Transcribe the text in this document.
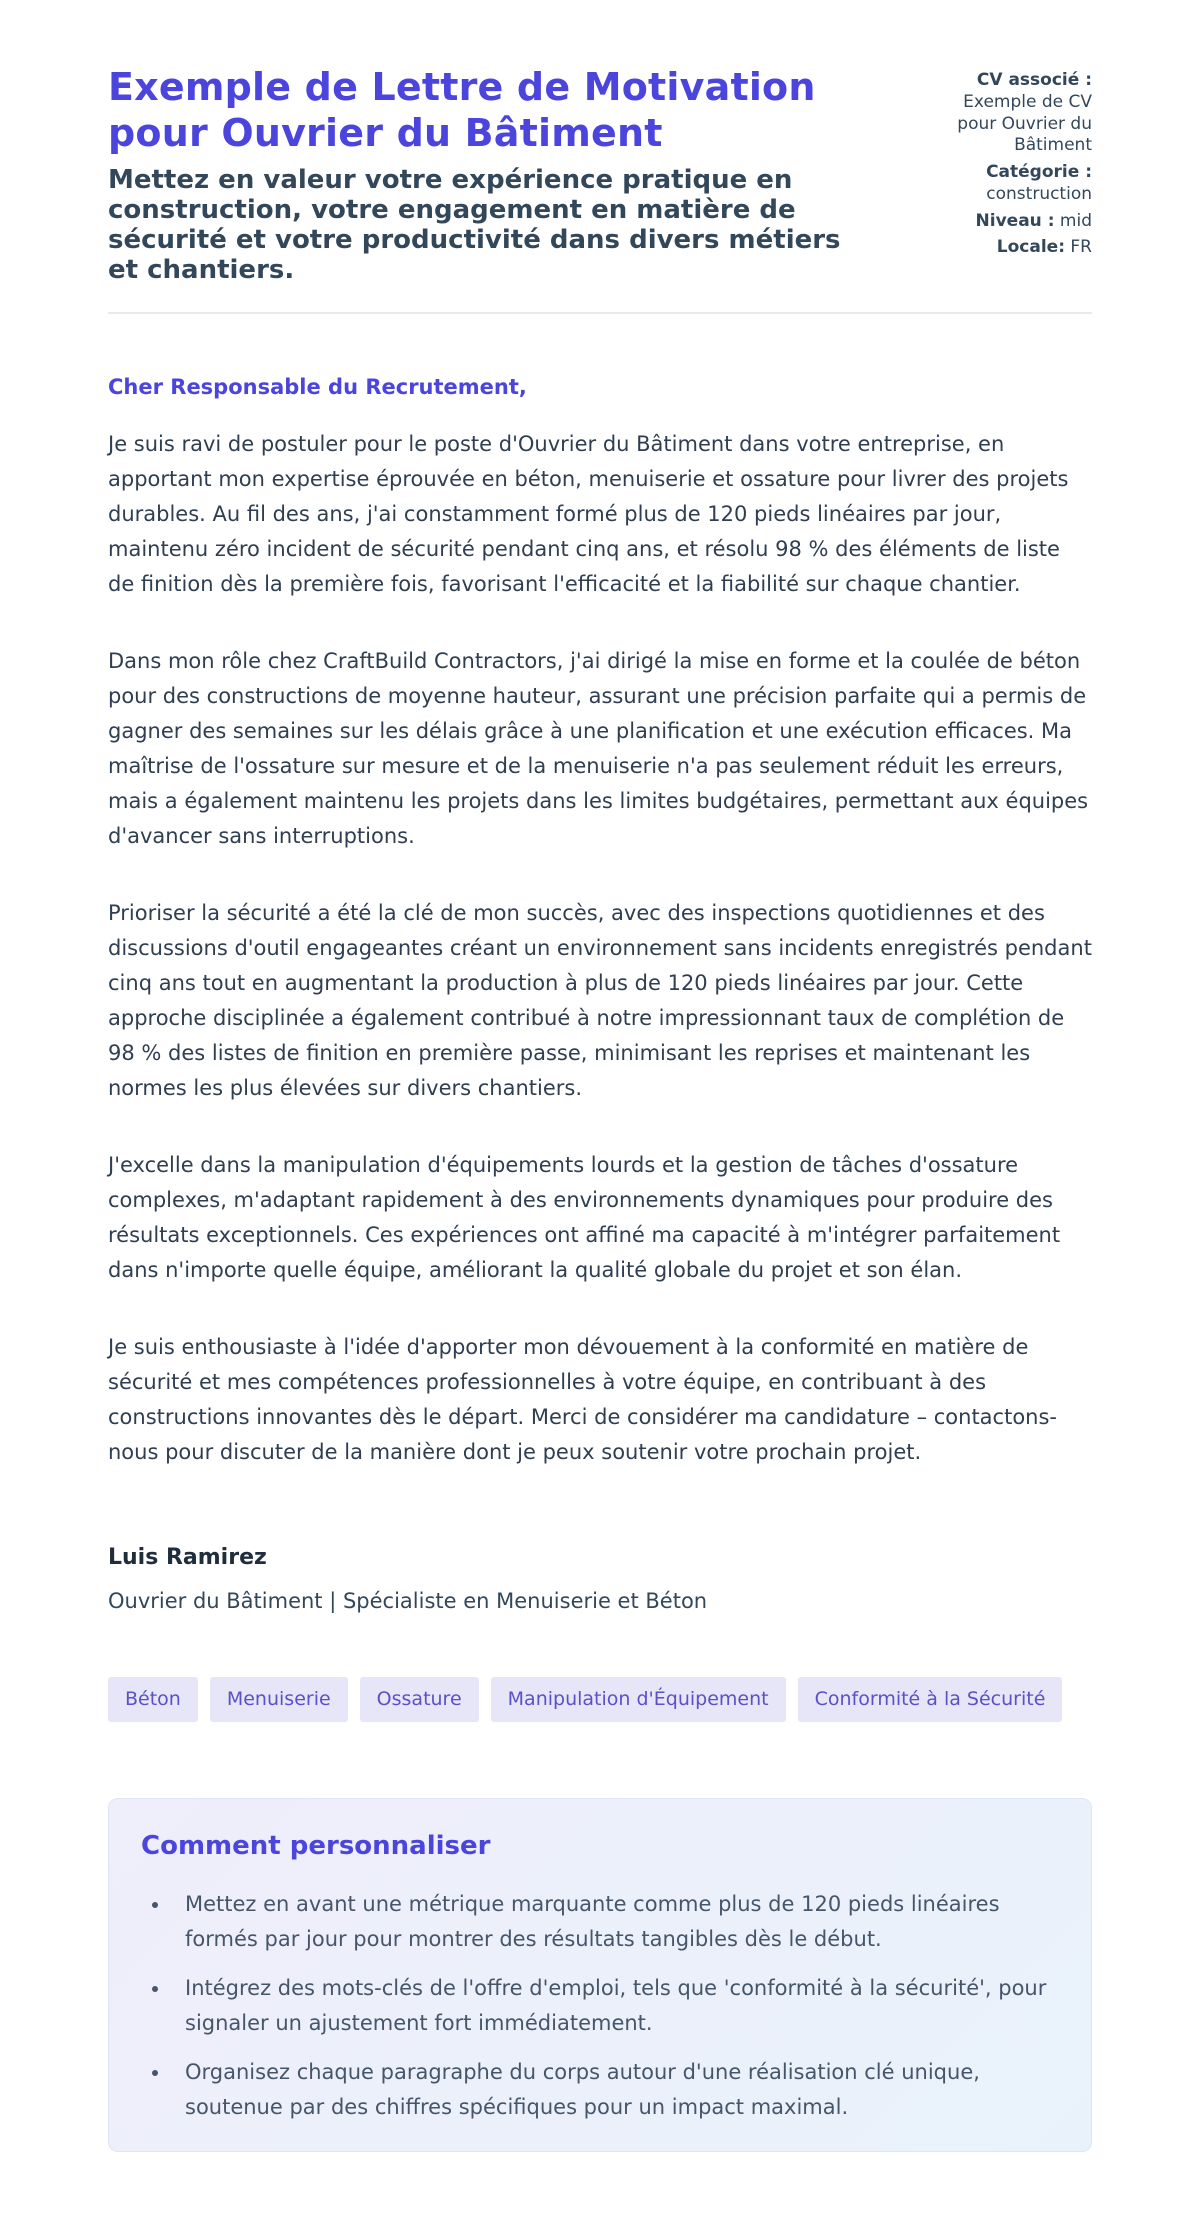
Exemple de Lettre de Motivation pour Ouvrier du Bâtiment
Mettez en valeur votre expérience pratique en construction, votre engagement en matière de sécurité et votre productivité dans divers métiers et chantiers.
CV associé :
Exemple de CV pour Ouvrier du Bâtiment
Catégorie :
construction
Niveau : mid
Locale: FR

Cher Responsable du Recrutement,

Je suis ravi de postuler pour le poste d'Ouvrier du Bâtiment dans votre entreprise, en apportant mon expertise éprouvée en béton, menuiserie et ossature pour livrer des projets durables. Au fil des ans, j'ai constamment formé plus de 120 pieds linéaires par jour, maintenu zéro incident de sécurité pendant cinq ans, et résolu 98 % des éléments de liste de finition dès la première fois, favorisant l'efficacité et la fiabilité sur chaque chantier.

Dans mon rôle chez CraftBuild Contractors, j'ai dirigé la mise en forme et la coulée de béton pour des constructions de moyenne hauteur, assurant une précision parfaite qui a permis de gagner des semaines sur les délais grâce à une planification et une exécution efficaces. Ma maîtrise de l'ossature sur mesure et de la menuiserie n'a pas seulement réduit les erreurs, mais a également maintenu les projets dans les limites budgétaires, permettant aux équipes d'avancer sans interruptions.

Prioriser la sécurité a été la clé de mon succès, avec des inspections quotidiennes et des discussions d'outil engageantes créant un environnement sans incidents enregistrés pendant cinq ans tout en augmentant la production à plus de 120 pieds linéaires par jour. Cette approche disciplinée a également contribué à notre impressionnant taux de complétion de 98 % des listes de finition en première passe, minimisant les reprises et maintenant les normes les plus élevées sur divers chantiers.

J'excelle dans la manipulation d'équipements lourds et la gestion de tâches d'ossature complexes, m'adaptant rapidement à des environnements dynamiques pour produire des résultats exceptionnels. Ces expériences ont affiné ma capacité à m'intégrer parfaitement dans n'importe quelle équipe, améliorant la qualité globale du projet et son élan.

Je suis enthousiaste à l'idée d'apporter mon dévouement à la conformité en matière de sécurité et mes compétences professionnelles à votre équipe, en contribuant à des constructions innovantes dès le départ. Merci de considérer ma candidature – contactons-nous pour discuter de la manière dont je peux soutenir votre prochain projet.

Luis Ramirez
Ouvrier du Bâtiment | Spécialiste en Menuiserie et Béton
Béton	Menuiserie	Ossature	Manipulation d'Équipement	Conformité à la Sécurité
Comment personnaliser
• Mettez en avant une métrique marquante comme plus de 120 pieds linéaires formés par jour pour montrer des résultats tangibles dès le début.
• Intégrez des mots-clés de l'offre d'emploi, tels que 'conformité à la sécurité', pour signaler un ajustement fort immédiatement.
• Organisez chaque paragraphe du corps autour d'une réalisation clé unique, soutenue par des chiffres spécifiques pour un impact maximal.
